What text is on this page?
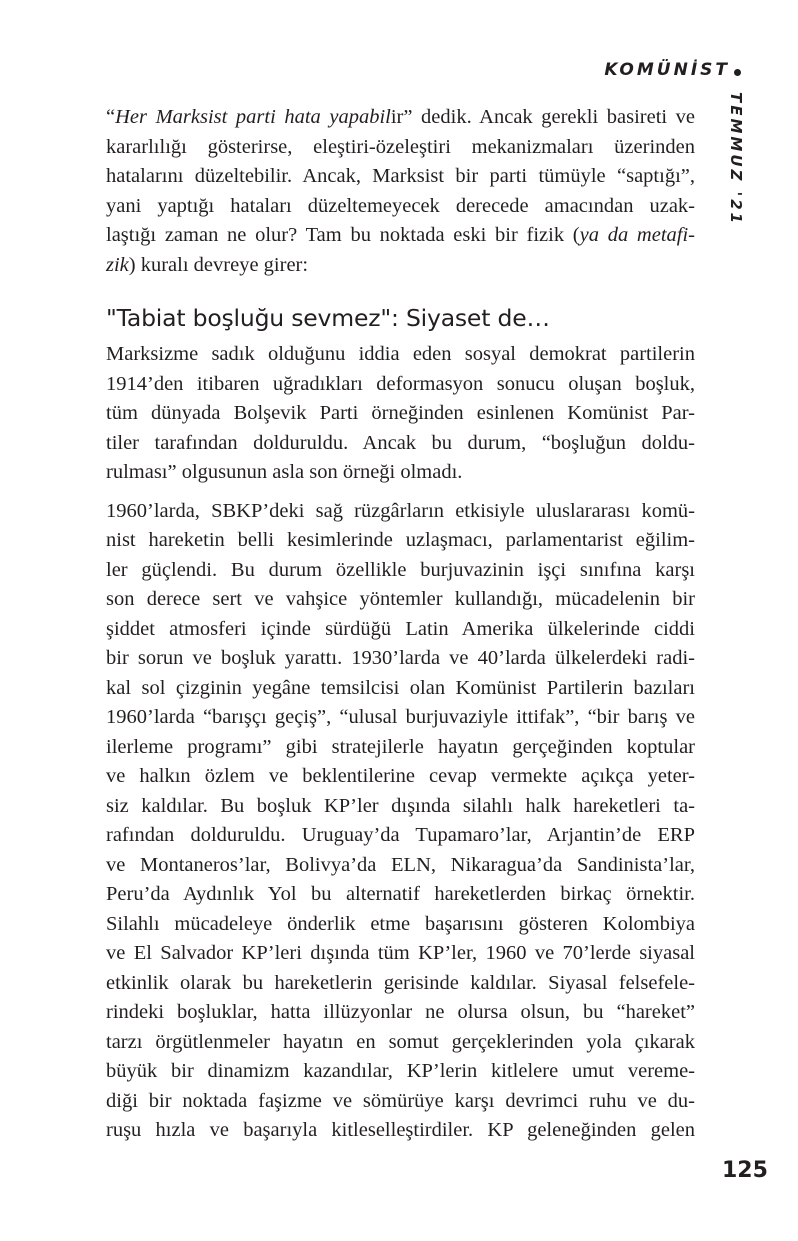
KOMÜNİST
TEMMUZ '21

“Her Marksist parti hata yapabilir” dedik. Ancak gerekli basireti ve
kararlılığı gösterirse, eleştiri-özeleştiri mekanizmaları üzerinden
hatalarını düzeltebilir. Ancak, Marksist bir parti tümüyle “saptığı”,
yani yaptığı hataları düzeltemeyecek derecede amacından uzak-
laştığı zaman ne olur? Tam bu noktada eski bir fizik (ya da metafi-
zik) kuralı devreye girer:

"Tabiat boşluğu sevmez": Siyaset de…

Marksizme sadık olduğunu iddia eden sosyal demokrat partilerin
1914’den itibaren uğradıkları deformasyon sonucu oluşan boşluk,
tüm dünyada Bolşevik Parti örneğinden esinlenen Komünist Par-
tiler tarafından dolduruldu. Ancak bu durum, “boşluğun doldu-
rulması” olgusunun asla son örneği olmadı.

1960’larda, SBKP’deki sağ rüzgârların etkisiyle uluslararası komü-
nist hareketin belli kesimlerinde uzlaşmacı, parlamentarist eğilim-
ler güçlendi. Bu durum özellikle burjuvazinin işçi sınıfına karşı
son derece sert ve vahşice yöntemler kullandığı, mücadelenin bir
şiddet atmosferi içinde sürdüğü Latin Amerika ülkelerinde ciddi
bir sorun ve boşluk yarattı. 1930’larda ve 40’larda ülkelerdeki radi-
kal sol çizginin yegâne temsilcisi olan Komünist Partilerin bazıları
1960’larda “barışçı geçiş”, “ulusal burjuvaziyle ittifak”, “bir barış ve
ilerleme programı” gibi stratejilerle hayatın gerçeğinden koptular
ve halkın özlem ve beklentilerine cevap vermekte açıkça yeter-
siz kaldılar. Bu boşluk KP’ler dışında silahlı halk hareketleri ta-
rafından dolduruldu. Uruguay’da Tupamaro’lar, Arjantin’de ERP
ve Montaneros’lar, Bolivya’da ELN, Nikaragua’da Sandinista’lar,
Peru’da Aydınlık Yol bu alternatif hareketlerden birkaç örnektir.
Silahlı mücadeleye önderlik etme başarısını gösteren Kolombiya
ve El Salvador KP’leri dışında tüm KP’ler, 1960 ve 70’lerde siyasal
etkinlik olarak bu hareketlerin gerisinde kaldılar. Siyasal felsefele-
rindeki boşluklar, hatta illüzyonlar ne olursa olsun, bu “hareket”
tarzı örgütlenmeler hayatın en somut gerçeklerinden yola çıkarak
büyük bir dinamizm kazandılar, KP’lerin kitlelere umut vereme-
diği bir noktada faşizme ve sömürüye karşı devrimci ruhu ve du-
ruşu hızla ve başarıyla kitleselleştirdiler. KP geleneğinden gelen

125
